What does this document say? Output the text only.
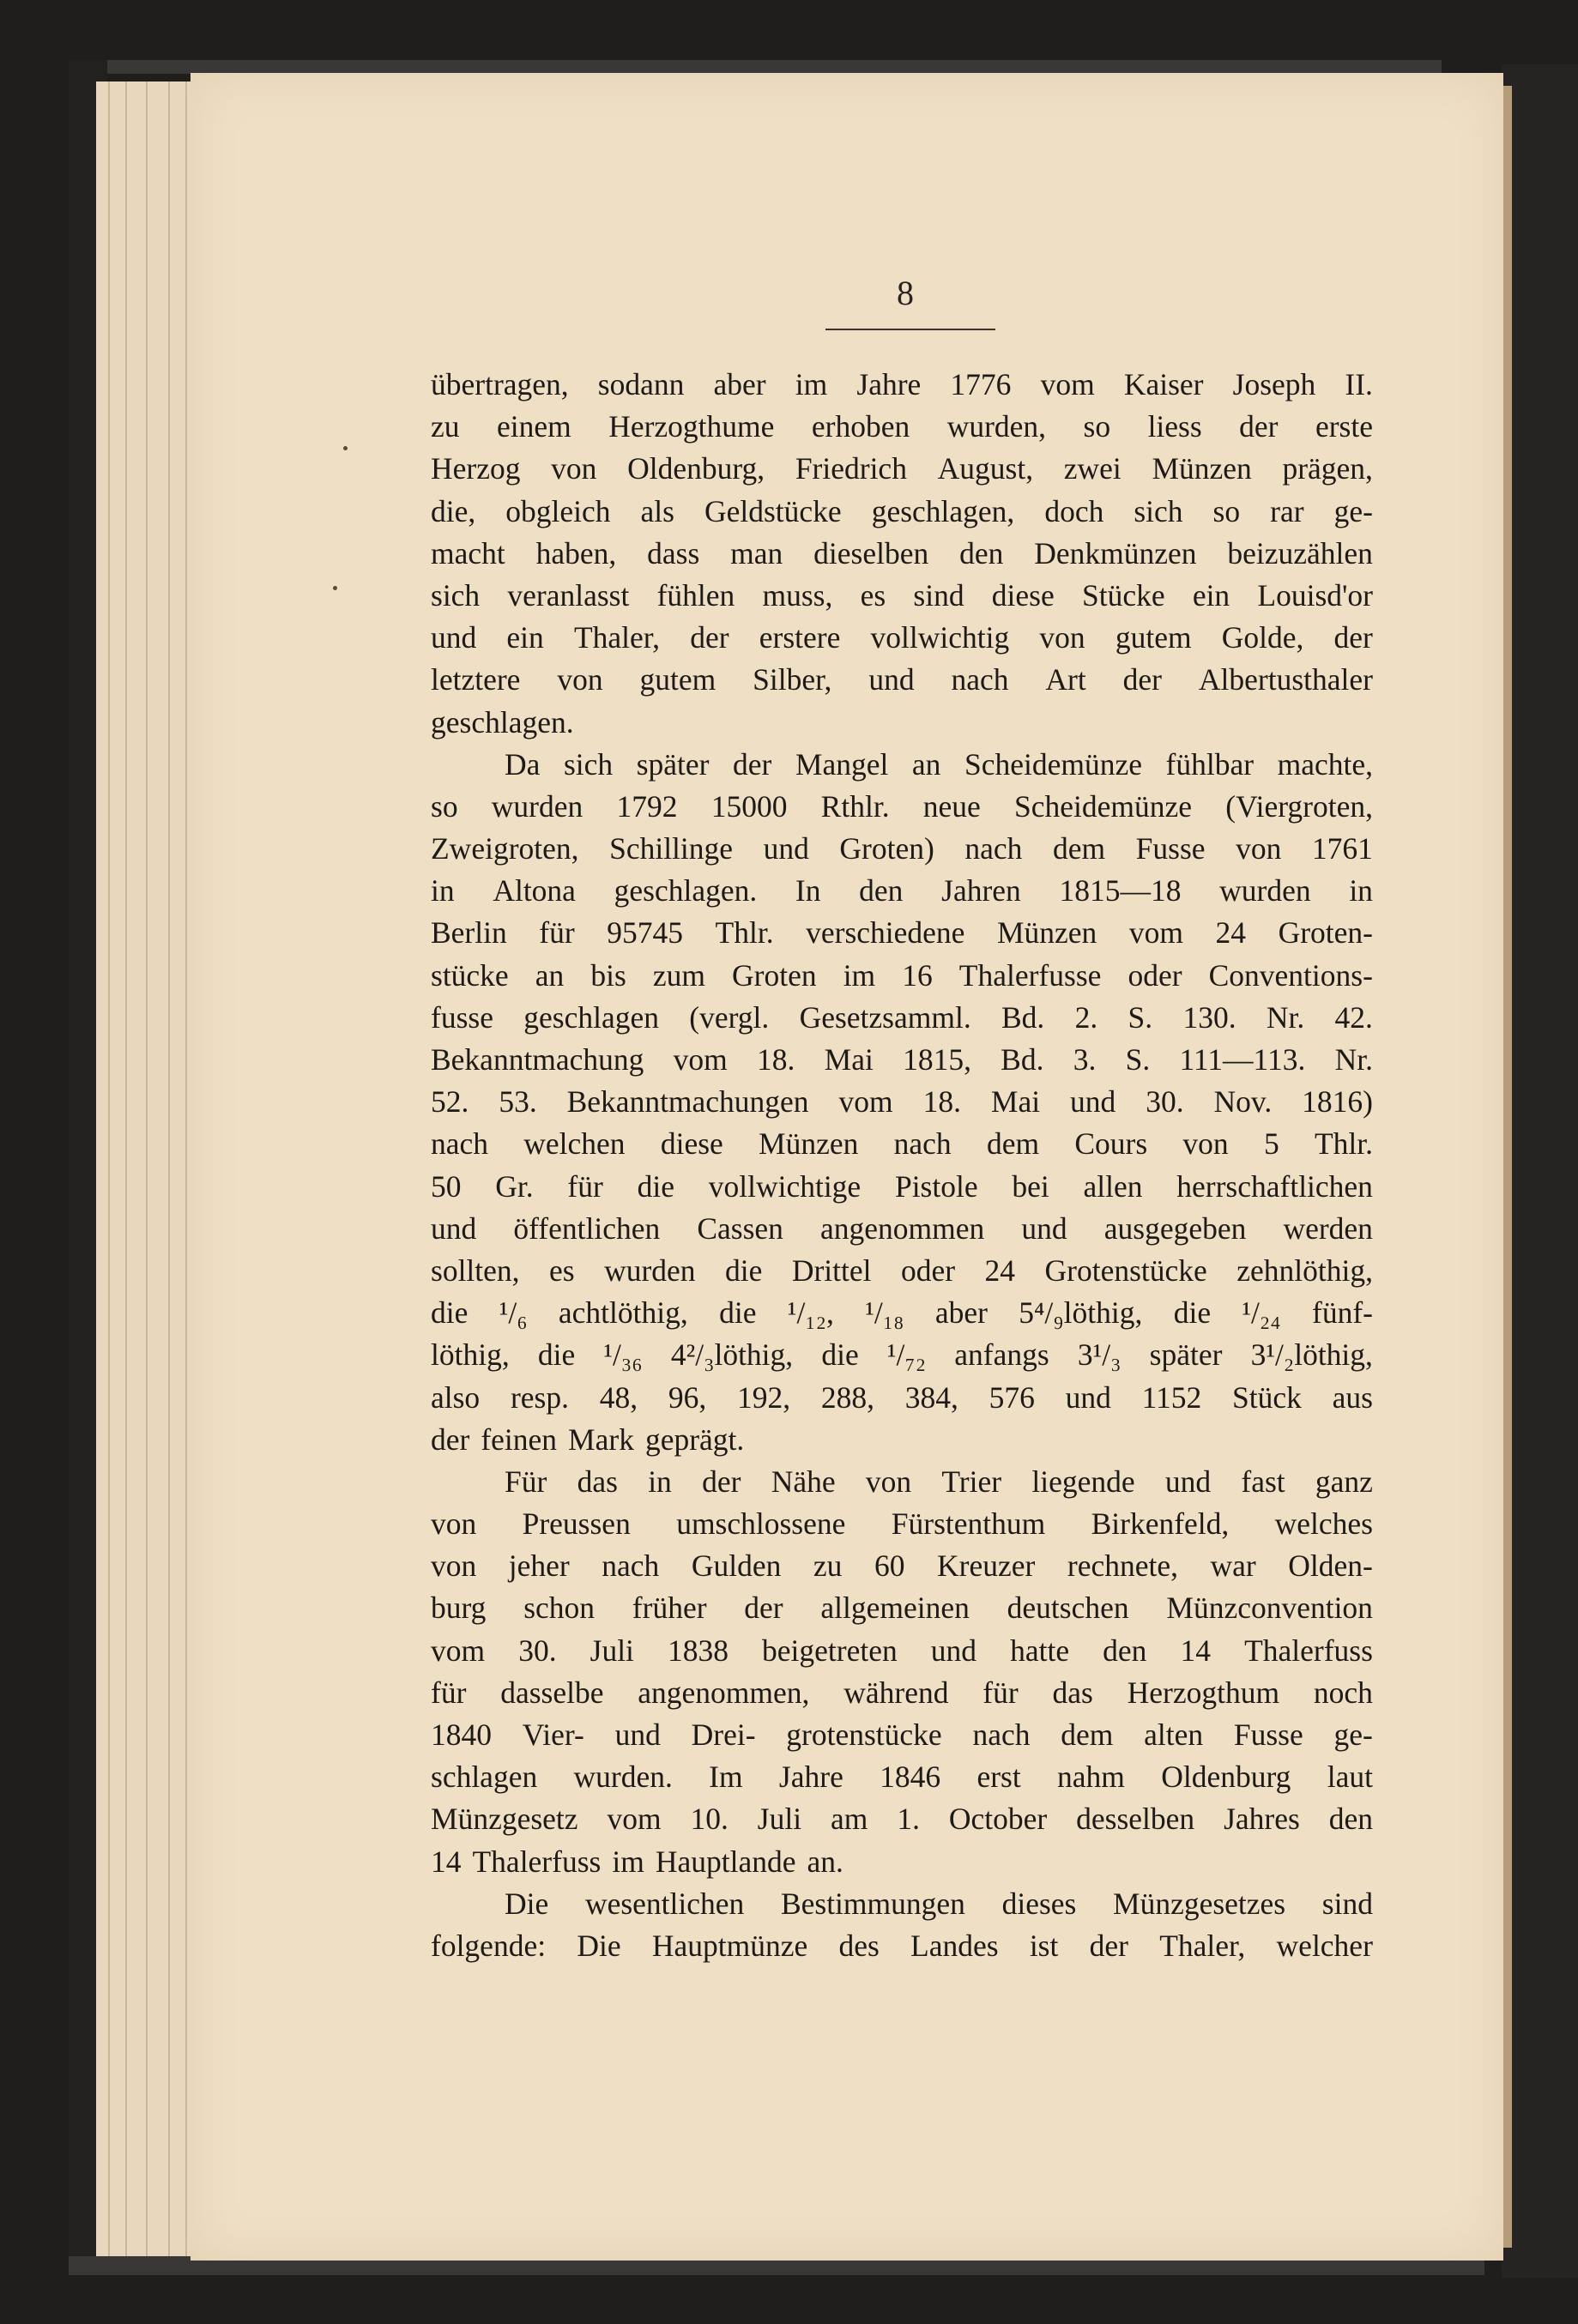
8
übertragen, sodann aber im Jahre 1776 vom Kaiser Joseph II.
zu einem Herzogthume erhoben wurden, so liess der erste
Herzog von Oldenburg, Friedrich August, zwei Münzen prägen,
die, obgleich als Geldstücke geschlagen, doch sich so rar ge-
macht haben, dass man dieselben den Denkmünzen beizuzählen
sich veranlasst fühlen muss, es sind diese Stücke ein Louisd'or
und ein Thaler, der erstere vollwichtig von gutem Golde, der
letztere von gutem Silber, und nach Art der Albertusthaler
geschlagen.
Da sich später der Mangel an Scheidemünze fühlbar machte,
so wurden 1792 15000 Rthlr. neue Scheidemünze (Viergroten,
Zweigroten, Schillinge und Groten) nach dem Fusse von 1761
in Altona geschlagen. In den Jahren 1815—18 wurden in
Berlin für 95745 Thlr. verschiedene Münzen vom 24 Groten-
stücke an bis zum Groten im 16 Thalerfusse oder Conventions-
fusse geschlagen (vergl. Gesetzsamml. Bd. 2. S. 130. Nr. 42.
Bekanntmachung vom 18. Mai 1815, Bd. 3. S. 111—113. Nr.
52. 53. Bekanntmachungen vom 18. Mai und 30. Nov. 1816)
nach welchen diese Münzen nach dem Cours von 5 Thlr.
50 Gr. für die vollwichtige Pistole bei allen herrschaftlichen
und öffentlichen Cassen angenommen und ausgegeben werden
sollten, es wurden die Drittel oder 24 Grotenstücke zehnlöthig,
die ¹/₆ achtlöthig, die ¹/₁₂, ¹/₁₈ aber 5⁴/₉löthig, die ¹/₂₄ fünf-
löthig, die ¹/₃₆ 4²/₃löthig, die ¹/₇₂ anfangs 3¹/₃ später 3¹/₂löthig,
also resp. 48, 96, 192, 288, 384, 576 und 1152 Stück aus
der feinen Mark geprägt.
Für das in der Nähe von Trier liegende und fast ganz
von Preussen umschlossene Fürstenthum Birkenfeld, welches
von jeher nach Gulden zu 60 Kreuzer rechnete, war Olden-
burg schon früher der allgemeinen deutschen Münzconvention
vom 30. Juli 1838 beigetreten und hatte den 14 Thalerfuss
für dasselbe angenommen, während für das Herzogthum noch
1840 Vier- und Drei- grotenstücke nach dem alten Fusse ge-
schlagen wurden. Im Jahre 1846 erst nahm Oldenburg laut
Münzgesetz vom 10. Juli am 1. October desselben Jahres den
14 Thalerfuss im Hauptlande an.
Die wesentlichen Bestimmungen dieses Münzgesetzes sind
folgende: Die Hauptmünze des Landes ist der Thaler, welcher
